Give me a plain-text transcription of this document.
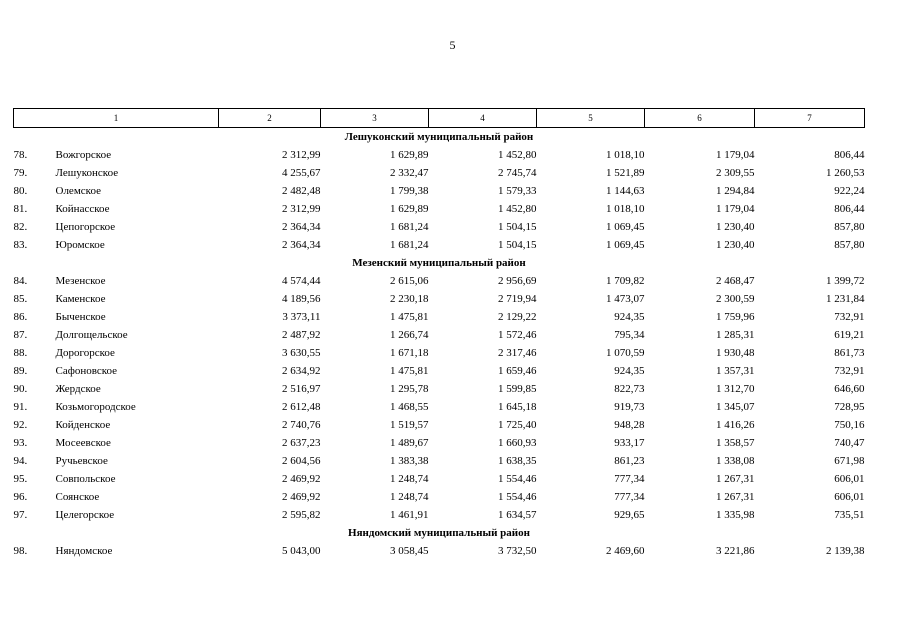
5
1		2	3	4	5	6	7
Лешуконский муниципальный район							
78.	Вожгорское	2 312,99	1 629,89	1 452,80	1 018,10	1 179,04	806,44
79.	Лешуконское	4 255,67	2 332,47	2 745,74	1 521,89	2 309,55	1 260,53
80.	Олемское	2 482,48	1 799,38	1 579,33	1 144,63	1 294,84	922,24
81.	Койнасское	2 312,99	1 629,89	1 452,80	1 018,10	1 179,04	806,44
82.	Цепогорское	2 364,34	1 681,24	1 504,15	1 069,45	1 230,40	857,80
83.	Юромское	2 364,34	1 681,24	1 504,15	1 069,45	1 230,40	857,80
Мезенский муниципальный район							
84.	Мезенское	4 574,44	2 615,06	2 956,69	1 709,82	2 468,47	1 399,72
85.	Каменское	4 189,56	2 230,18	2 719,94	1 473,07	2 300,59	1 231,84
86.	Быченское	3 373,11	1 475,81	2 129,22	924,35	1 759,96	732,91
87.	Долгощельское	2 487,92	1 266,74	1 572,46	795,34	1 285,31	619,21
88.	Дорогорское	3 630,55	1 671,18	2 317,46	1 070,59	1 930,48	861,73
89.	Сафоновское	2 634,92	1 475,81	1 659,46	924,35	1 357,31	732,91
90.	Жердское	2 516,97	1 295,78	1 599,85	822,73	1 312,70	646,60
91.	Козьмогородское	2 612,48	1 468,55	1 645,18	919,73	1 345,07	728,95
92.	Койденское	2 740,76	1 519,57	1 725,40	948,28	1 416,26	750,16
93.	Мосеевское	2 637,23	1 489,67	1 660,93	933,17	1 358,57	740,47
94.	Ручьевское	2 604,56	1 383,38	1 638,35	861,23	1 338,08	671,98
95.	Совпольское	2 469,92	1 248,74	1 554,46	777,34	1 267,31	606,01
96.	Соянское	2 469,92	1 248,74	1 554,46	777,34	1 267,31	606,01
97.	Целегорское	2 595,82	1 461,91	1 634,57	929,65	1 335,98	735,51
Няндомский муниципальный район							
98.	Няндомское	5 043,00	3 058,45	3 732,50	2 469,60	3 221,86	2 139,38
